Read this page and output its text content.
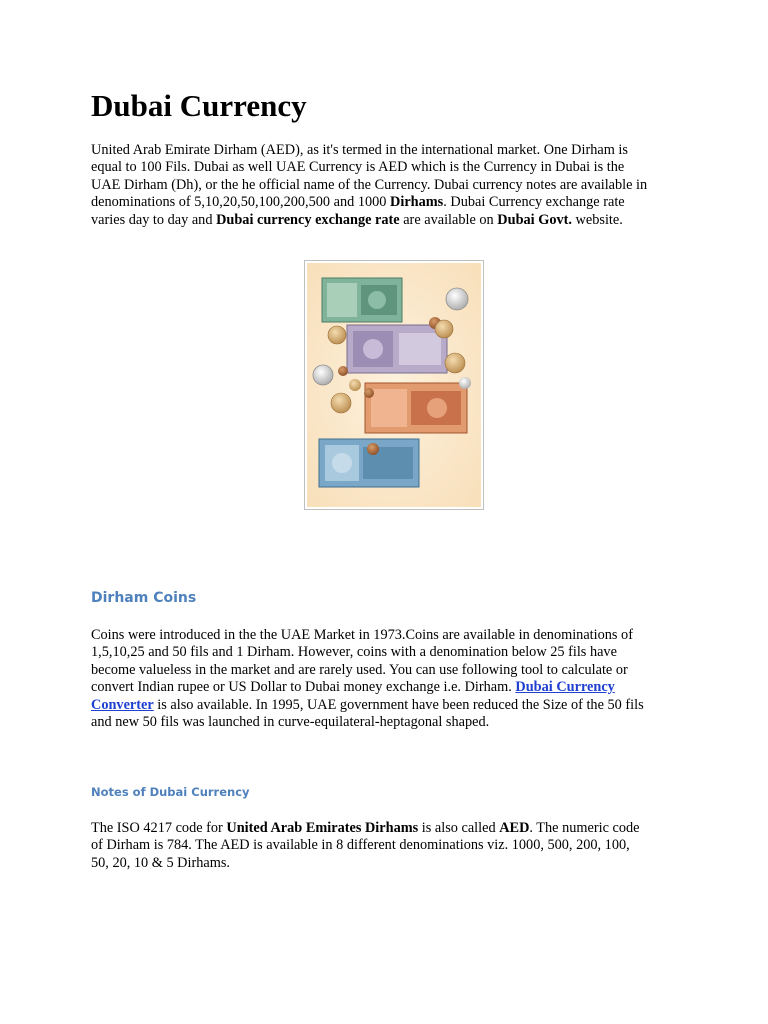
Dubai Currency

United Arab Emirate Dirham (AED), as it's termed in the international market. One Dirham is
equal to 100 Fils. Dubai as well UAE Currency is AED which is the Currency in Dubai is the
UAE Dirham (Dh), or the he official name of the Currency. Dubai currency notes are available in
denominations of 5,10,20,50,100,200,500 and 1000 Dirhams. Dubai Currency exchange rate
varies day to day and Dubai currency exchange rate are available on Dubai Govt. website.

Dirham Coins

Coins were introduced in the the UAE Market in 1973.Coins are available in denominations of
1,5,10,25 and 50 fils and 1 Dirham. However, coins with a denomination below 25 fils have
become valueless in the market and are rarely used. You can use following tool to calculate or
convert Indian rupee or US Dollar to Dubai money exchange i.e. Dirham. Dubai Currency
Converter is also available. In 1995, UAE government have been reduced the Size of the 50 fils
and new 50 fils was launched in curve-equilateral-heptagonal shaped.

Notes of Dubai Currency

The ISO 4217 code for United Arab Emirates Dirhams is also called AED. The numeric code
of Dirham is 784. The AED is available in 8 different denominations viz. 1000, 500, 200, 100,
50, 20, 10 & 5 Dirhams.
